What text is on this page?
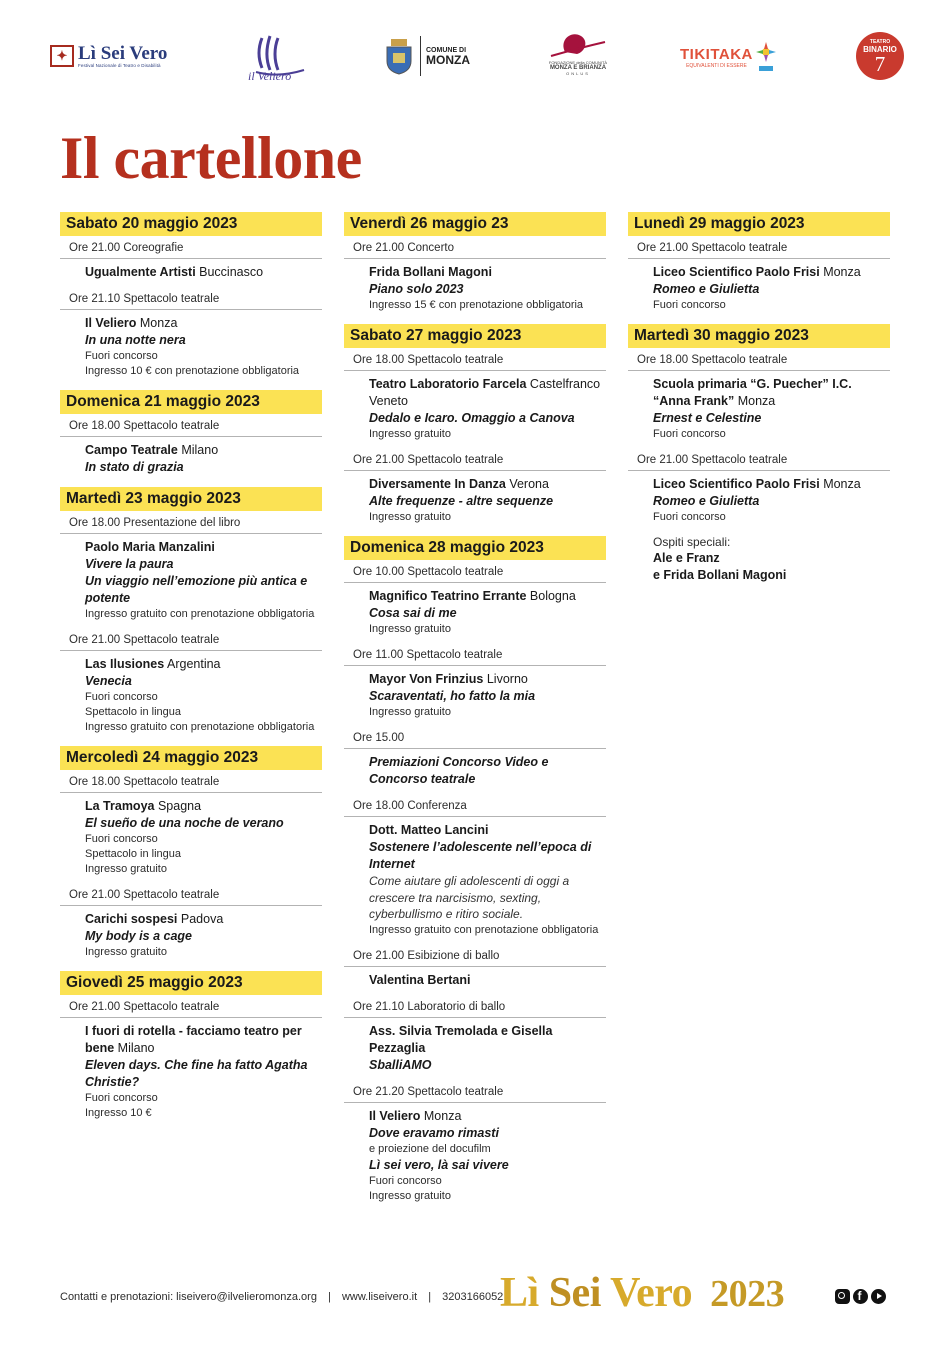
✦ Lì Sei Vero
Festival Nazionale di Teatro e Disabilità
il Veliero
COMUNE DI
MONZA	FONDAZIONE della COMUNITÀ
MONZA E BRIANZA
ONLUS
TIKITAKA
EQUIVALENTI DI ESSERE
TEATRO
BINARIO
7
Il cartellone
Sabato 20 maggio 2023
Ore 21.00 Coreografie
Ugualmente Artisti Buccinasco
Ore 21.10 Spettacolo teatrale
Il Veliero Monza
In una notte nera
Fuori concorso
Ingresso 10 € con prenotazione obbligatoria
Domenica 21 maggio 2023
Ore 18.00 Spettacolo teatrale
Campo Teatrale Milano
In stato di grazia
Martedì 23 maggio 2023
Ore 18.00 Presentazione del libro
Paolo Maria Manzalini
Vivere la paura
Un viaggio nell’emozione più antica e potente
Ingresso gratuito con prenotazione obbligatoria
Ore 21.00 Spettacolo teatrale
Las Ilusiones Argentina
Venecia
Fuori concorso
Spettacolo in lingua
Ingresso gratuito con prenotazione obbligatoria
Mercoledì 24 maggio 2023
Ore 18.00 Spettacolo teatrale
La Tramoya Spagna
El sueño de una noche de verano
Fuori concorso
Spettacolo in lingua
Ingresso gratuito
Ore 21.00 Spettacolo teatrale
Carichi sospesi Padova
My body is a cage
Ingresso gratuito
Giovedì 25 maggio 2023
Ore 21.00 Spettacolo teatrale
I fuori di rotella - facciamo teatro per bene Milano
Eleven days. Che fine ha fatto Agatha Christie?
Fuori concorso
Ingresso 10 €
Venerdì 26 maggio 23
Ore 21.00 Concerto
Frida Bollani Magoni
Piano solo 2023
Ingresso 15 € con prenotazione obbligatoria
Sabato 27 maggio 2023
Ore 18.00 Spettacolo teatrale
Teatro Laboratorio Farcela Castelfranco Veneto
Dedalo e Icaro. Omaggio a Canova
Ingresso gratuito
Ore 21.00 Spettacolo teatrale
Diversamente In Danza Verona
Alte frequenze - altre sequenze
Ingresso gratuito
Domenica 28 maggio 2023
Ore 10.00 Spettacolo teatrale
Magnifico Teatrino Errante Bologna
Cosa sai di me
Ingresso gratuito
Ore 11.00 Spettacolo teatrale
Mayor Von Frinzius Livorno
Scaraventati, ho fatto la mia
Ingresso gratuito
Ore 15.00
Premiazioni Concorso Video e Concorso teatrale
Ore 18.00 Conferenza
Dott. Matteo Lancini
Sostenere l’adolescente nell’epoca di Internet
Come aiutare gli adolescenti di oggi a crescere tra narcisismo, sexting, cyberbullismo e ritiro sociale.
Ingresso gratuito con prenotazione obbligatoria
Ore 21.00 Esibizione di ballo
Valentina Bertani
Ore 21.10 Laboratorio di ballo
Ass. Silvia Tremolada e Gisella Pezzaglia
SballiAMO
Ore 21.20 Spettacolo teatrale
Il Veliero Monza
Dove eravamo rimasti
e proiezione del docufilm
Lì sei vero, là sai vivere
Fuori concorso
Ingresso gratuito
Lunedì 29 maggio 2023
Ore 21.00 Spettacolo teatrale
Liceo Scientifico Paolo Frisi Monza
Romeo e Giulietta
Fuori concorso
Martedì 30 maggio 2023
Ore 18.00 Spettacolo teatrale
Scuola primaria “G. Puecher” I.C. “Anna Frank” Monza
Ernest e Celestine
Fuori concorso
Ore 21.00 Spettacolo teatrale
Liceo Scientifico Paolo Frisi Monza
Romeo e Giulietta
Fuori concorso
Ospiti speciali:
Ale e Franz
e Frida Bollani Magoni
Contatti e prenotazioni: liseivero@ilvelieromonza.org | www.liseivero.it | 3203166052
Lì Sei Vero 2023
f
